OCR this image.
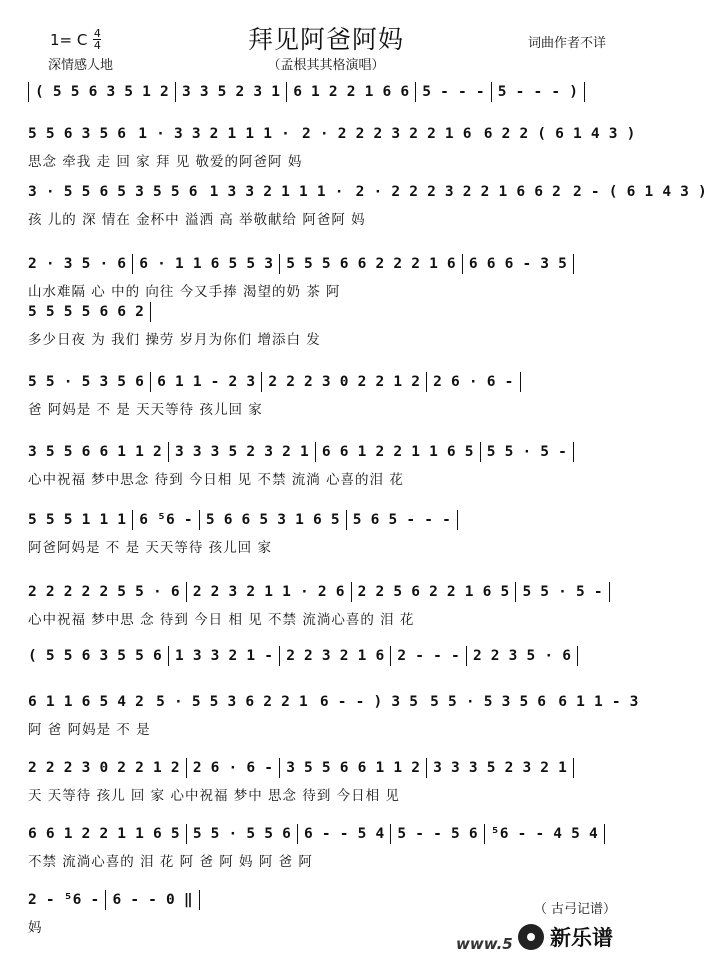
1= C 4
4	拜见阿爸阿妈	词曲作者不详
深情感人地	（孟根其其格演唱）
( 5 5 6 3 5 1 2 3 3 5 2 3 1 6 1 2 2 1 6 6 5 - - - 5 - - - )
5 5 6 3 5 6 1 · 3 3 2 1 1 1 · 2 · 2 2 2 3 2 2 1 6 6 2 2 ( 6 1 4 3 )
思念 牵我 走 回 家 拜 见 敬爱的阿爸阿 妈
3 · 5 5 6 5 3 5 5 6 1 3 3 2 1 1 1 · 2 · 2 2 2 3 2 2 1 6 6 2 2 - ( 6 1 4 3 )
孩 儿的 深 情在 金杯中 溢洒 高 举敬献给 阿爸阿 妈
2 · 3 5 · 6 6 · 1 1 6 5 5 3 5 5 5 6 6 2 2 2 1 6 6 6 6 - 3 5
山水难隔 心 中的 向往 今又手捧 渴望的奶 茶 阿
5 5 5 5 6 6 2
多少日夜 为 我们 操劳 岁月为你们 增添白 发
5 5 · 5 3 5 6 6 1 1 - 2 3 2 2 2 3 0 2 2 1 2 2 6 · 6 -
爸 阿妈是 不 是 天天等待 孩儿回 家
3 5 5 6 6 1 1 2 3 3 3 5 2 3 2 1 6 6 1 2 2 1 1 6 5 5 5 · 5 -
心中祝福 梦中思念 待到 今日相 见 不禁 流淌 心喜的泪 花
5 5 5 1 1 1 6 ⁵6 - 5 6 6 5 3 1 6 5 5 6 5 - - -
阿爸阿妈是 不 是 天天等待 孩儿回 家
2 2 2 2 2 5 5 · 6 2 2 3 2 1 1 · 2 6 2 2 5 6 2 2 1 6 5 5 5 · 5 -
心中祝福 梦中思 念 待到 今日 相 见 不禁 流淌心喜的 泪 花
( 5 5 6 3 5 5 6 1 3 3 2 1 - 2 2 3 2 1 6 2 - - - 2 2 3 5 · 6
6 1 1 6 5 4 2 5 · 5 5 3 6 2 2 1 6 - - ) 3 5 5 5 · 5 3 5 6 6 1 1 - 3
阿 爸 阿妈是 不 是
2 2 2 3 0 2 2 1 2 2 6 · 6 - 3 5 5 6 6 1 1 2 3 3 3 5 2 3 2 1
天 天等待 孩儿 回 家 心中祝福 梦中 思念 待到 今日相 见
6 6 1 2 2 1 1 6 5 5 5 · 5 5 6 6 - - 5 4 5 - - 5 6 ⁵6 - - 4 5 4
不禁 流淌心喜的 泪 花 阿 爸 阿 妈 阿 爸 阿
2 - ⁵6 - 6 - - 0 ‖
妈
（ 古弓记谱）
www.5 新乐谱
